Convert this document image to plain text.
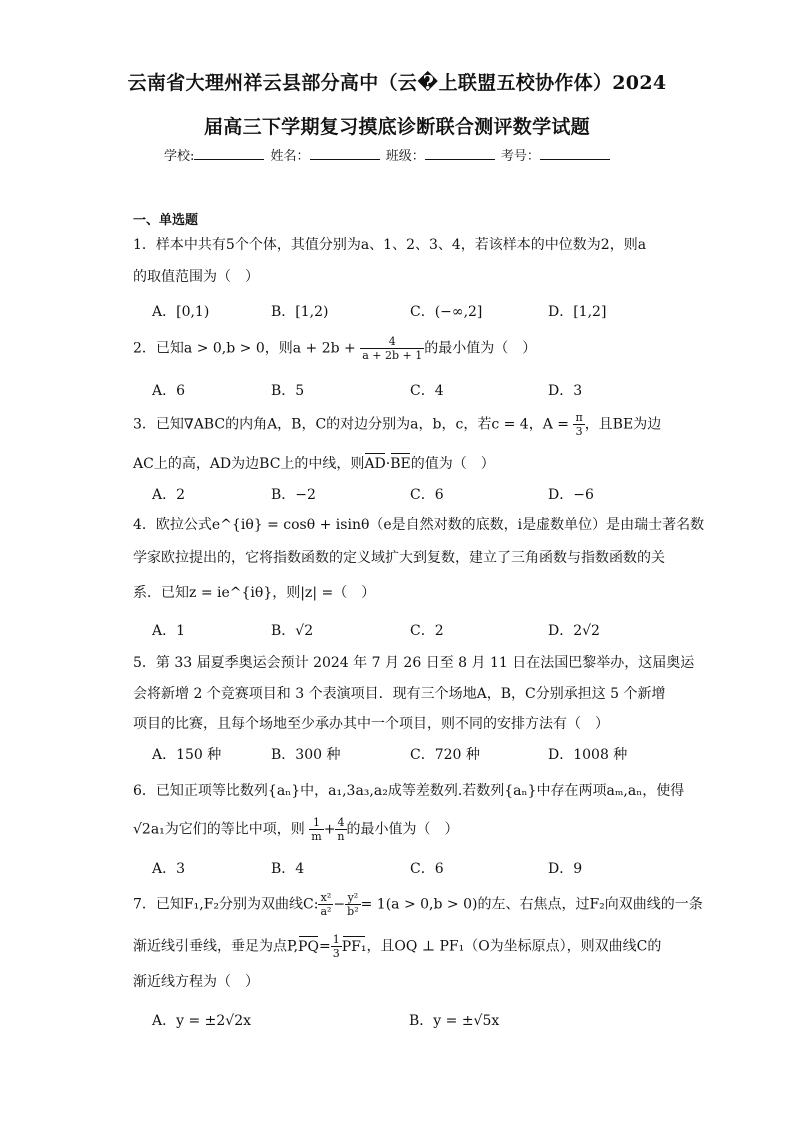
云南省大理州祥云县部分高中（云�上联盟五校协作体）2024
届高三下学期复习摸底诊断联合测评数学试题
学校:	姓名：	班级：	考号：
一、单选题
1．样本中共有5个个体，其值分别为a、1、2、3、4，若该样本的中位数为2，则a
的取值范围为（　）
A．[0,1)	B．[1,2)	C．(−∞,2]	D．[1,2]
2．已知a > 0,b > 0，则$a + 2b + \frac{4}{a + 2b + 1}$ 的最小值为（　）
A．6	B．5	C．4	D．3
3．已知∇ABC的内角A，B，C的对边分别为a，b，c，若c = 4，$A = \frac{\pi}{3}$ ，且BE为边
AC上的高，AD为边BC上的中线，则AD·BE的值为（　）
A．2	B．−2	C．6	D．−6
4．欧拉公式e^{iθ} = cosθ + isinθ（e是自然对数的底数，i是虚数单位）是由瑞士著名数
学家欧拉提出的，它将指数函数的定义域扩大到复数，建立了三角函数与指数函数的关
系．已知z = ie^{iθ}，则|z| =（　）
A．1	B．√2	C．2	D．2√2
5．第 33 届夏季奥运会预计 2024 年 7 月 26 日至 8 月 11 日在法国巴黎举办，这届奥运
会将新增 2 个竞赛项目和 3 个表演项目．现有三个场地A，B，C分别承担这 5 个新增
项目的比赛，且每个场地至少承办其中一个项目，则不同的安排方法有（　）
A．150 种	B．300 种	C．720 种	D．1008 种
6．已知正项等比数列{aₙ}中，a₁,3a₃,a₂成等差数列.若数列{aₙ}中存在两项aₘ,aₙ，使得
√2a₁为它们的等比中项，则 $\frac{1}{m} + \frac{4}{n}$ 的最小值为（　）
A．3	B．4	C．6	D．9
7．已知F₁,F₂分别为双曲线C: $\frac{\text{x²}}{\text{a²}} - \frac{\text{y²}}{\text{b²}} = 1(a > 0,b > 0)$的左、右焦点，过F₂向双曲线的一条
渐近线引垂线，垂足为点$P,PQ= \frac{1}{3} PF_1$，且OQ ⊥ PF₁（O为坐标原点），则双曲线C的
渐近线方程为（　）
A．y = ±2√2x	B．y = ±√5x
